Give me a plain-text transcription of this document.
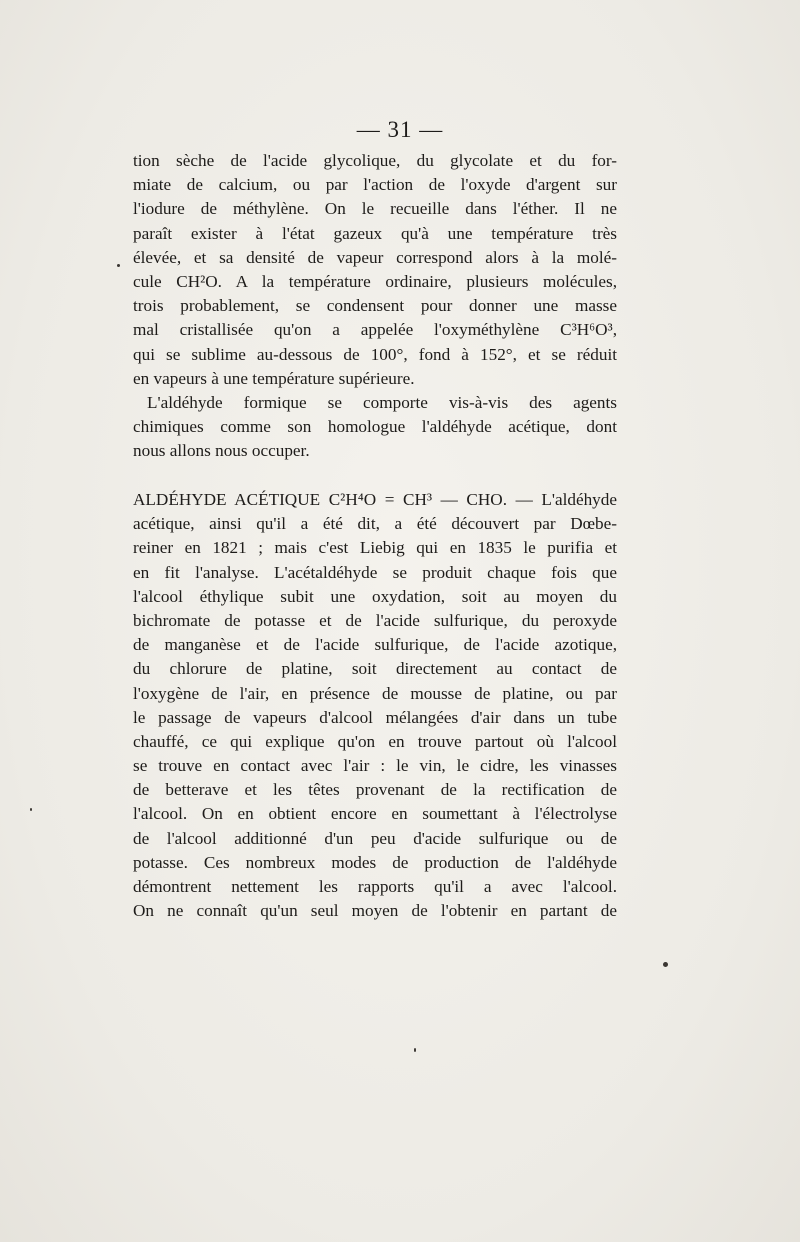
— 31 —
tion sèche de l'acide glycolique, du glycolate et du for-
miate de calcium, ou par l'action de l'oxyde d'argent sur
l'iodure de méthylène. On le recueille dans l'éther. Il ne
paraît exister à l'état gazeux qu'à une température très
élevée, et sa densité de vapeur correspond alors à la molé-
cule CH²O. A la température ordinaire, plusieurs molécules,
trois probablement, se condensent pour donner une masse
mal cristallisée qu'on a appelée l'oxyméthylène C³H⁶O³,
qui se sublime au-dessous de 100°, fond à 152°, et se réduit
en vapeurs à une température supérieure.
L'aldéhyde formique se comporte vis-à-vis des agents
chimiques comme son homologue l'aldéhyde acétique, dont
nous allons nous occuper.
ALDÉHYDE ACÉTIQUE C²H⁴O = CH³ — CHO. — L'aldéhyde
acétique, ainsi qu'il a été dit, a été découvert par Dœbe-
reiner en 1821 ; mais c'est Liebig qui en 1835 le purifia et
en fit l'analyse. L'acétaldéhyde se produit chaque fois que
l'alcool éthylique subit une oxydation, soit au moyen du
bichromate de potasse et de l'acide sulfurique, du peroxyde
de manganèse et de l'acide sulfurique, de l'acide azotique,
du chlorure de platine, soit directement au contact de
l'oxygène de l'air, en présence de mousse de platine, ou par
le passage de vapeurs d'alcool mélangées d'air dans un tube
chauffé, ce qui explique qu'on en trouve partout où l'alcool
se trouve en contact avec l'air : le vin, le cidre, les vinasses
de betterave et les têtes provenant de la rectification de
l'alcool. On en obtient encore en soumettant à l'électrolyse
de l'alcool additionné d'un peu d'acide sulfurique ou de
potasse. Ces nombreux modes de production de l'aldéhyde
démontrent nettement les rapports qu'il a avec l'alcool.
On ne connaît qu'un seul moyen de l'obtenir en partant de
